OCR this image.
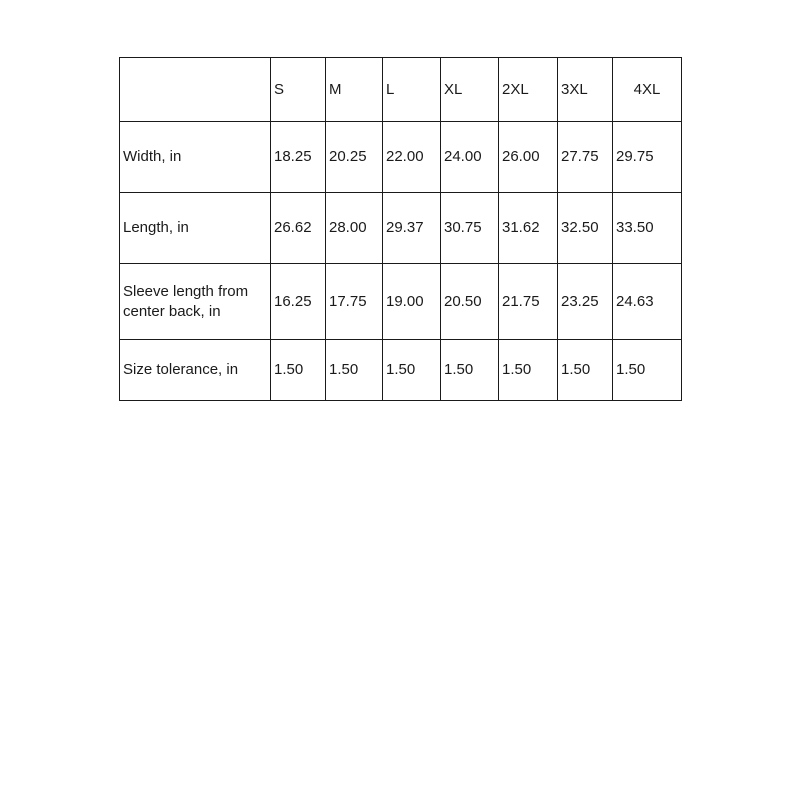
	S	M	L	XL	2XL	3XL	4XL
Width, in	18.25	20.25	22.00	24.00	26.00	27.75	29.75
Length, in	26.62	28.00	29.37	30.75	31.62	32.50	33.50
Sleeve length from center back, in	16.25	17.75	19.00	20.50	21.75	23.25	24.63
Size tolerance, in	1.50	1.50	1.50	1.50	1.50	1.50	1.50
